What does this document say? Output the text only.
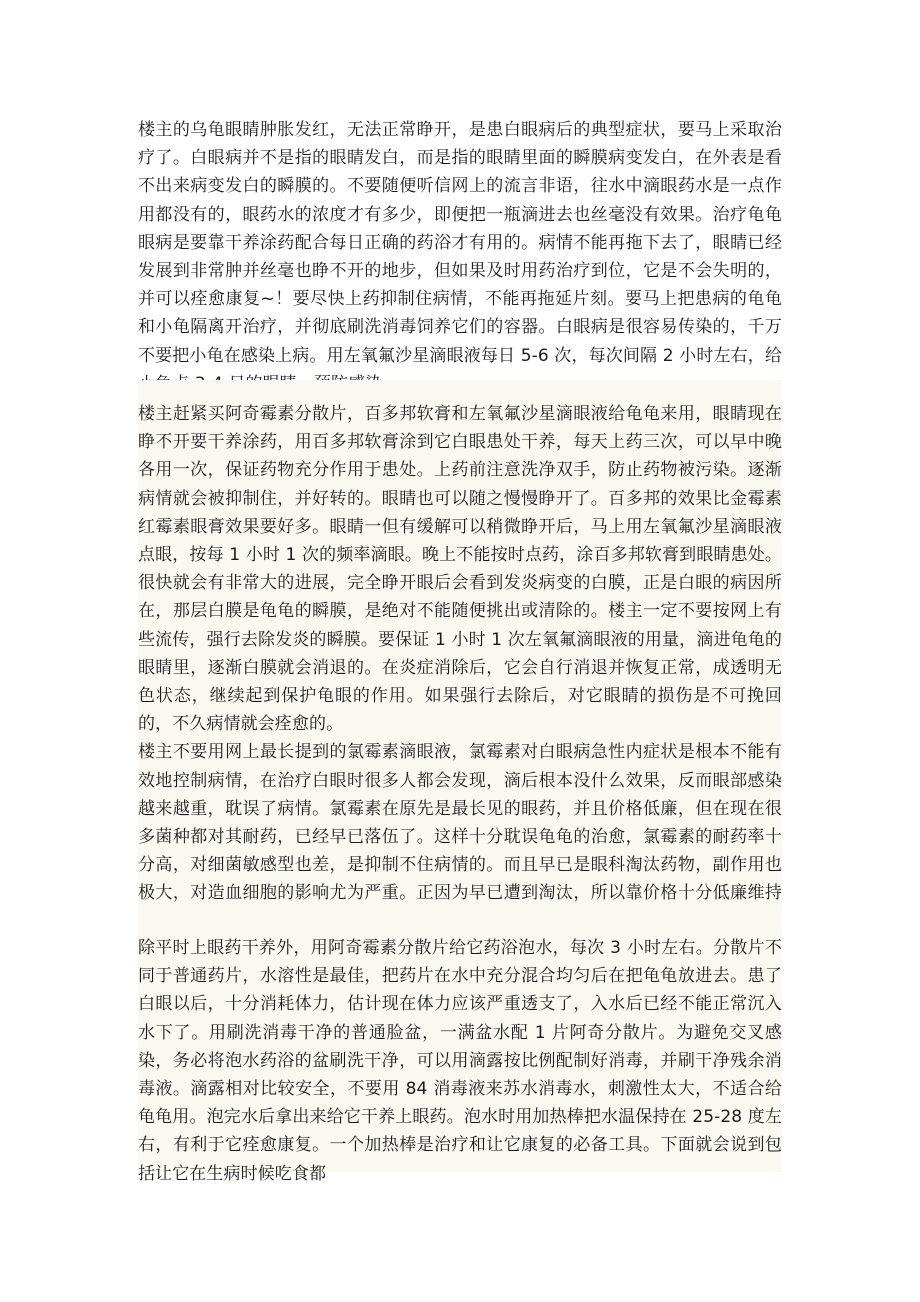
楼主的乌龟眼睛肿胀发红，无法正常睁开，是患白眼病后的典型症状，要马上采取治疗了。白眼病并不是指的眼睛发白，而是指的眼睛里面的瞬膜病变发白，在外表是看不出来病变发白的瞬膜的。不要随便听信网上的流言非语，往水中滴眼药水是一点作用都没有的，眼药水的浓度才有多少，即便把一瓶滴进去也丝毫没有效果。治疗龟龟眼病是要靠干养涂药配合每日正确的药浴才有用的。病情不能再拖下去了，眼睛已经发展到非常肿并丝毫也睁不开的地步，但如果及时用药治疗到位，它是不会失明的，并可以痊愈康复~！要尽快上药抑制住病情，不能再拖延片刻。要马上把患病的龟龟和小龟隔离开治疗，并彻底刷洗消毒饲养它们的容器。白眼病是很容易传染的，千万不要把小龟在感染上病。用左氧氟沙星滴眼液每日 5-6 次，每次间隔 2 小时左右，给

楼主赶紧买阿奇霉素分散片，百多邦软膏和左氧氟沙星滴眼液给龟龟来用，眼睛现在睁不开要干养涂药，用百多邦软膏涂到它白眼患处干养，每天上药三次，可以早中晚各用一次，保证药物充分作用于患处。上药前注意洗净双手，防止药物被污染。逐渐病情就会被抑制住，并好转的。眼睛也可以随之慢慢睁开了。百多邦的效果比金霉素红霉素眼膏效果要好多。眼睛一但有缓解可以稍微睁开后，马上用左氧氟沙星滴眼液点眼，按每 1 小时 1 次的频率滴眼。晚上不能按时点药，涂百多邦软膏到眼睛患处。很快就会有非常大的进展，完全睁开眼后会看到发炎病变的白膜，正是白眼的病因所在，那层白膜是龟龟的瞬膜，是绝对不能随便挑出或清除的。楼主一定不要按网上有些流传，强行去除发炎的瞬膜。要保证 1 小时 1 次左氧氟滴眼液的用量，滴进龟龟的眼睛里，逐渐白膜就会消退的。在炎症消除后，它会自行消退并恢复正常，成透明无色状态，继续起到保护龟眼的作用。如果强行去除后，对它眼睛的损伤是不可挽回的，不久病情就会痊愈的。

楼主不要用网上最长提到的氯霉素滴眼液，氯霉素对白眼病急性内症状是根本不能有效地控制病情，在治疗白眼时很多人都会发现，滴后根本没什么效果，反而眼部感染越来越重，耽误了病情。氯霉素在原先是最长见的眼药，并且价格低廉，但在现在很多菌种都对其耐药，已经早已落伍了。这样十分耽误龟龟的治愈，氯霉素的耐药率十分高，对细菌敏感型也差，是抑制不住病情的。而且早已是眼科淘汰药物，副作用也极大，对造血细胞的影响尤为严重。正因为早已遭到淘汰，所以靠价格十分低廉维持

除平时上眼药干养外，用阿奇霉素分散片给它药浴泡水，每次 3 小时左右。分散片不同于普通药片，水溶性是最佳，把药片在水中充分混合均匀后在把龟龟放进去。患了白眼以后，十分消耗体力，估计现在体力应该严重透支了，入水后已经不能正常沉入水下了。用刷洗消毒干净的普通脸盆，一满盆水配 1 片阿奇分散片。为避免交叉感染，务必将泡水药浴的盆刷洗干净，可以用滴露按比例配制好消毒，并刷干净残余消毒液。滴露相对比较安全，不要用 84 消毒液来苏水消毒水，刺激性太大，不适合给龟龟用。泡完水后拿出来给它干养上眼药。泡水时用加热棒把水温保持在 25-28 度左右，有利于它痊愈康复。一个加热棒是治疗和让它康复的必备工具。下面就会说到包括让它在生病时候吃食都
